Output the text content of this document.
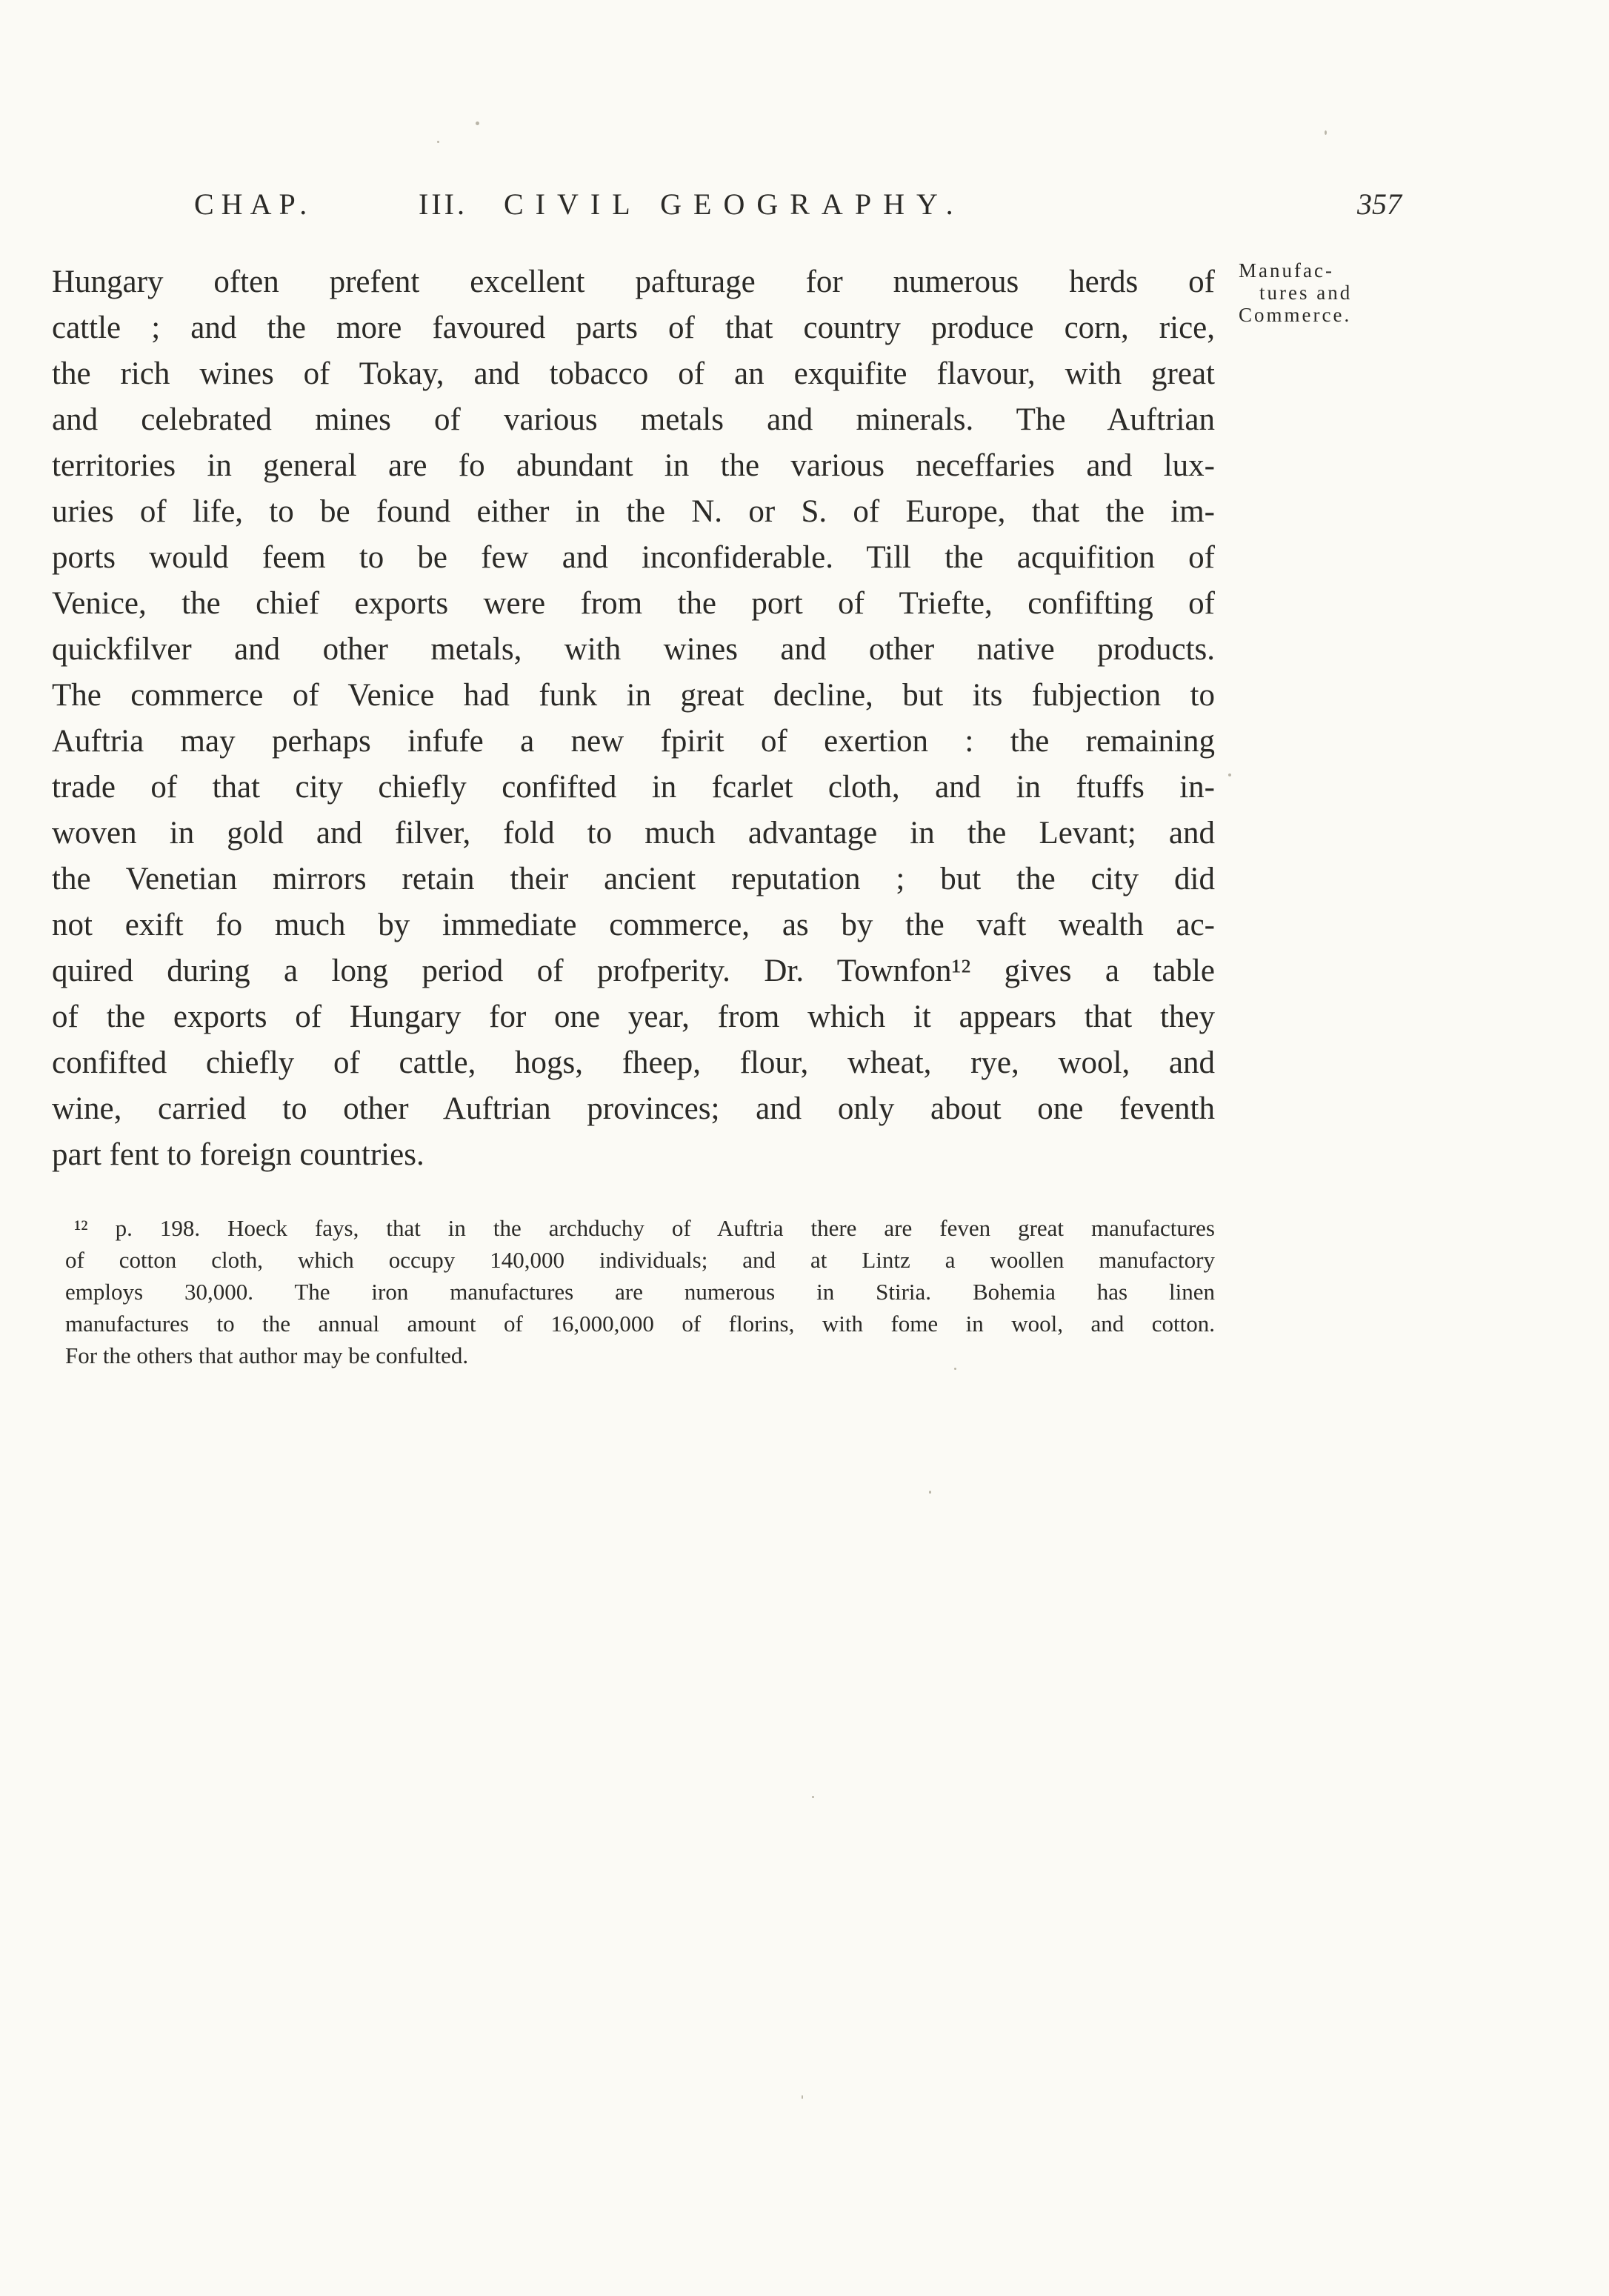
CHAP.	III. CIVIL GEOGRAPHY.	357
Manufac-
tures and
Commerce.
Hungary often prefent excellent pafturage for numerous herds of
cattle ; and the more favoured parts of that country produce corn, rice,
the rich wines of Tokay, and tobacco of an exquifite flavour, with great
and celebrated mines of various metals and minerals. The Auftrian
territories in general are fo abundant in the various neceffaries and lux-
uries of life, to be found either in the N. or S. of Europe, that the im-
ports would feem to be few and inconfiderable. Till the acquifition of
Venice, the chief exports were from the port of Triefte, confifting of
quickfilver and other metals, with wines and other native products.
The commerce of Venice had funk in great decline, but its fubjection to
Auftria may perhaps infufe a new fpirit of exertion : the remaining
trade of that city chiefly confifted in fcarlet cloth, and in ftuffs in-
woven in gold and filver, fold to much advantage in the Levant; and
the Venetian mirrors retain their ancient reputation ; but the city did
not exift fo much by immediate commerce, as by the vaft wealth ac-
quired during a long period of profperity. Dr. Townfon¹² gives a table
of the exports of Hungary for one year, from which it appears that they
confifted chiefly of cattle, hogs, fheep, flour, wheat, rye, wool, and
wine, carried to other Auftrian provinces; and only about one feventh
part fent to foreign countries.
¹² p. 198. Hoeck fays, that in the archduchy of Auftria there are feven great manufactures
of cotton cloth, which occupy 140,000 individuals; and at Lintz a woollen manufactory
employs 30,000. The iron manufactures are numerous in Stiria. Bohemia has linen
manufactures to the annual amount of 16,000,000 of florins, with fome in wool, and cotton.
For the others that author may be confulted.
